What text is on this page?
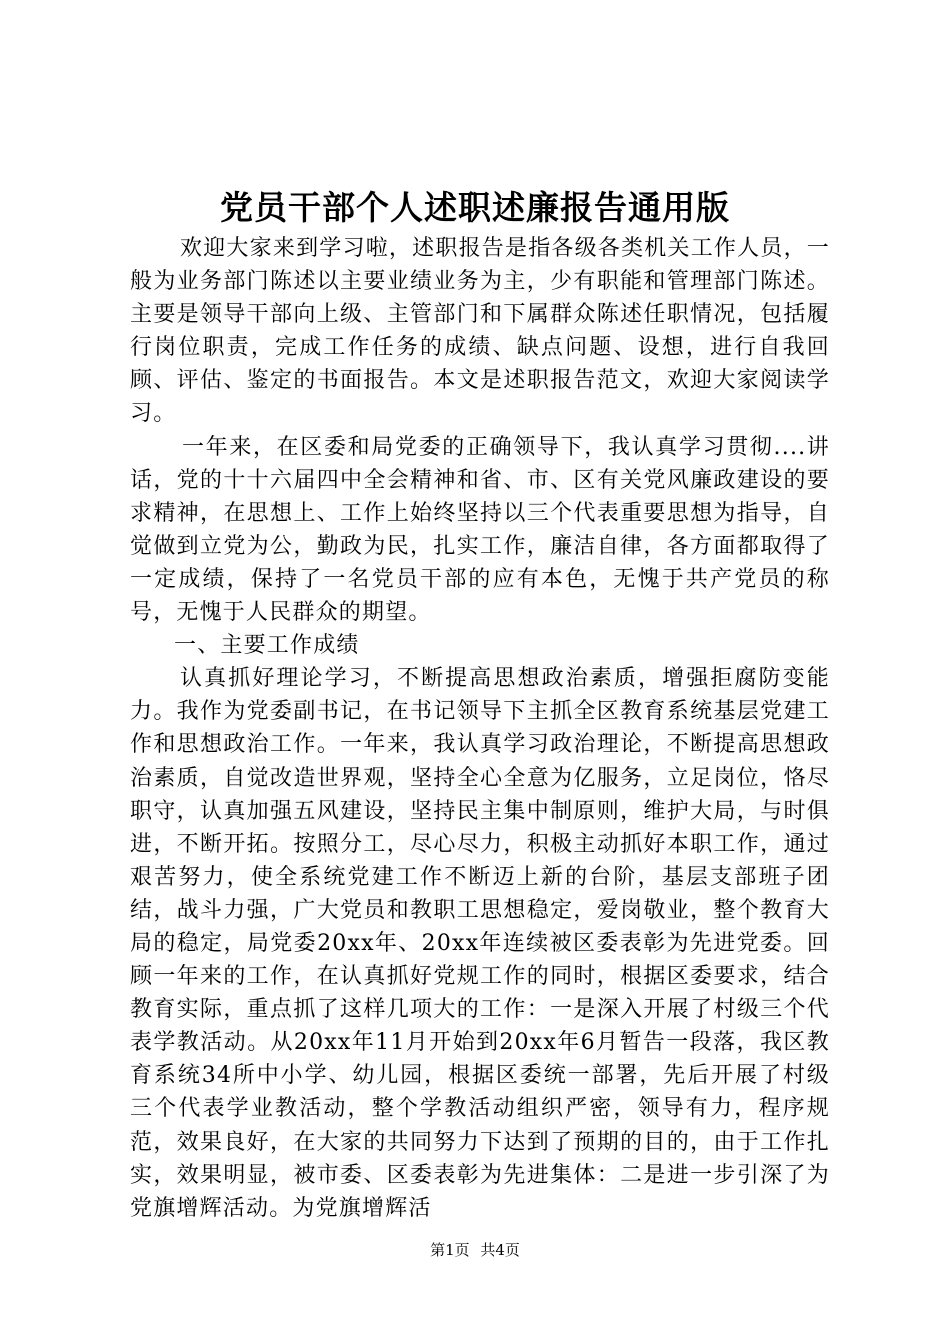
党员干部个人述职述廉报告通用版

欢迎大家来到学习啦，述职报告是指各级各类机关工作人员，一般为业务部门陈述以主要业绩业务为主，少有职能和管理部门陈述。主要是领导干部向上级、主管部门和下属群众陈述任职情况，包括履行岗位职责，完成工作任务的成绩、缺点问题、设想，进行自我回顾、评估、鉴定的书面报告。本文是述职报告范文，欢迎大家阅读学习。

一年来，在区委和局党委的正确领导下，我认真学习贯彻....讲话，党的十十六届四中全会精神和省、市、区有关党风廉政建设的要求精神，在思想上、工作上始终坚持以三个代表重要思想为指导，自觉做到立党为公，勤政为民，扎实工作，廉洁自律，各方面都取得了一定成绩，保持了一名党员干部的应有本色，无愧于共产党员的称号，无愧于人民群众的期望。

一、主要工作成绩

认真抓好理论学习，不断提高思想政治素质，增强拒腐防变能力。我作为党委副书记，在书记领导下主抓全区教育系统基层党建工作和思想政治工作。一年来，我认真学习政治理论，不断提高思想政治素质，自觉改造世界观，坚持全心全意为亿服务，立足岗位，恪尽职守，认真加强五风建设，坚持民主集中制原则，维护大局，与时俱进，不断开拓。按照分工，尽心尽力，积极主动抓好本职工作，通过艰苦努力，使全系统党建工作不断迈上新的台阶，基层支部班子团结，战斗力强，广大党员和教职工思想稳定，爱岗敬业，整个教育大局的稳定，局党委20xx年、20xx年连续被区委表彰为先进党委。回顾一年来的工作，在认真抓好党规工作的同时，根据区委要求，结合教育实际，重点抓了这样几项大的工作：一是深入开展了村级三个代表学教活动。从20xx年11月开始到20xx年6月暂告一段落，我区教育系统34所中小学、幼儿园，根据区委统一部署，先后开展了村级三个代表学业教活动，整个学教活动组织严密，领导有力，程序规范，效果良好，在大家的共同努力下达到了预期的目的，由于工作扎实，效果明显，被市委、区委表彰为先进集体：二是进一步引深了为党旗增辉活动。为党旗增辉活

第1页 共4页
